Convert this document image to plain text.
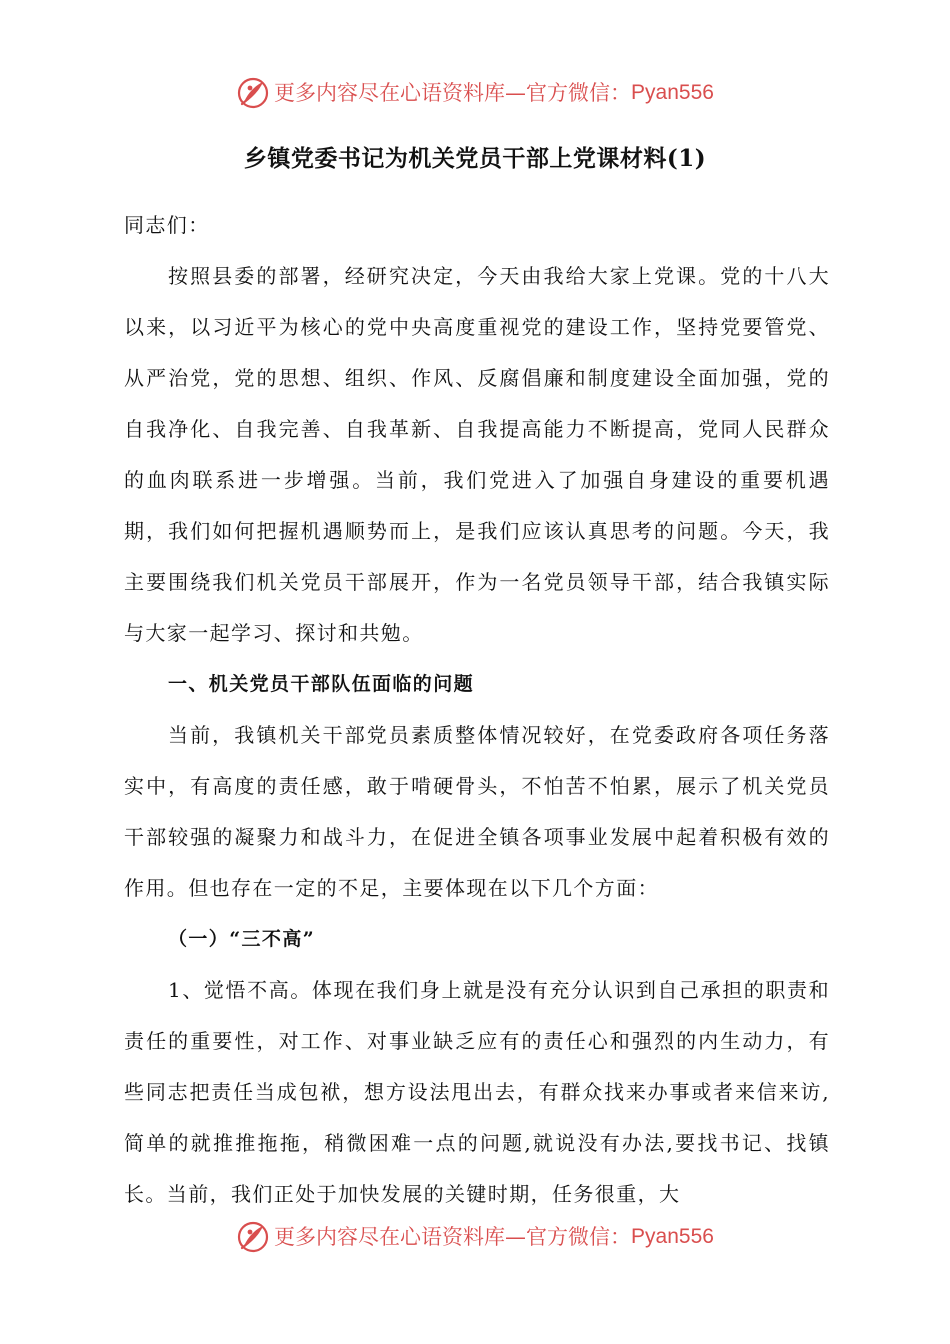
更多内容尽在心语资料库—官方微信：Pyan556
乡镇党委书记为机关党员干部上党课材料(1)

同志们：

按照县委的部署，经研究决定，今天由我给大家上党课。党的十八大以来，以习近平为核心的党中央高度重视党的建设工作，坚持党要管党、从严治党，党的思想、组织、作风、反腐倡廉和制度建设全面加强，党的自我净化、自我完善、自我革新、自我提高能力不断提高，党同人民群众的血肉联系进一步增强。当前，我们党进入了加强自身建设的重要机遇期，我们如何把握机遇顺势而上，是我们应该认真思考的问题。今天，我主要围绕我们机关党员干部展开，作为一名党员领导干部，结合我镇实际与大家一起学习、探讨和共勉。

一、机关党员干部队伍面临的问题

当前，我镇机关干部党员素质整体情况较好，在党委政府各项任务落实中，有高度的责任感，敢于啃硬骨头，不怕苦不怕累，展示了机关党员干部较强的凝聚力和战斗力，在促进全镇各项事业发展中起着积极有效的作用。但也存在一定的不足，主要体现在以下几个方面：

（一）“三不高”

1、觉悟不高。体现在我们身上就是没有充分认识到自己承担的职责和责任的重要性，对工作、对事业缺乏应有的责任心和强烈的内生动力，有些同志把责任当成包袱，想方设法甩出去，有群众找来办事或者来信来访,简单的就推推拖拖，稍微困难一点的问题,就说没有办法,要找书记、找镇长。当前，我们正处于加快发展的关键时期，任务很重，大

更多内容尽在心语资料库—官方微信：Pyan556
